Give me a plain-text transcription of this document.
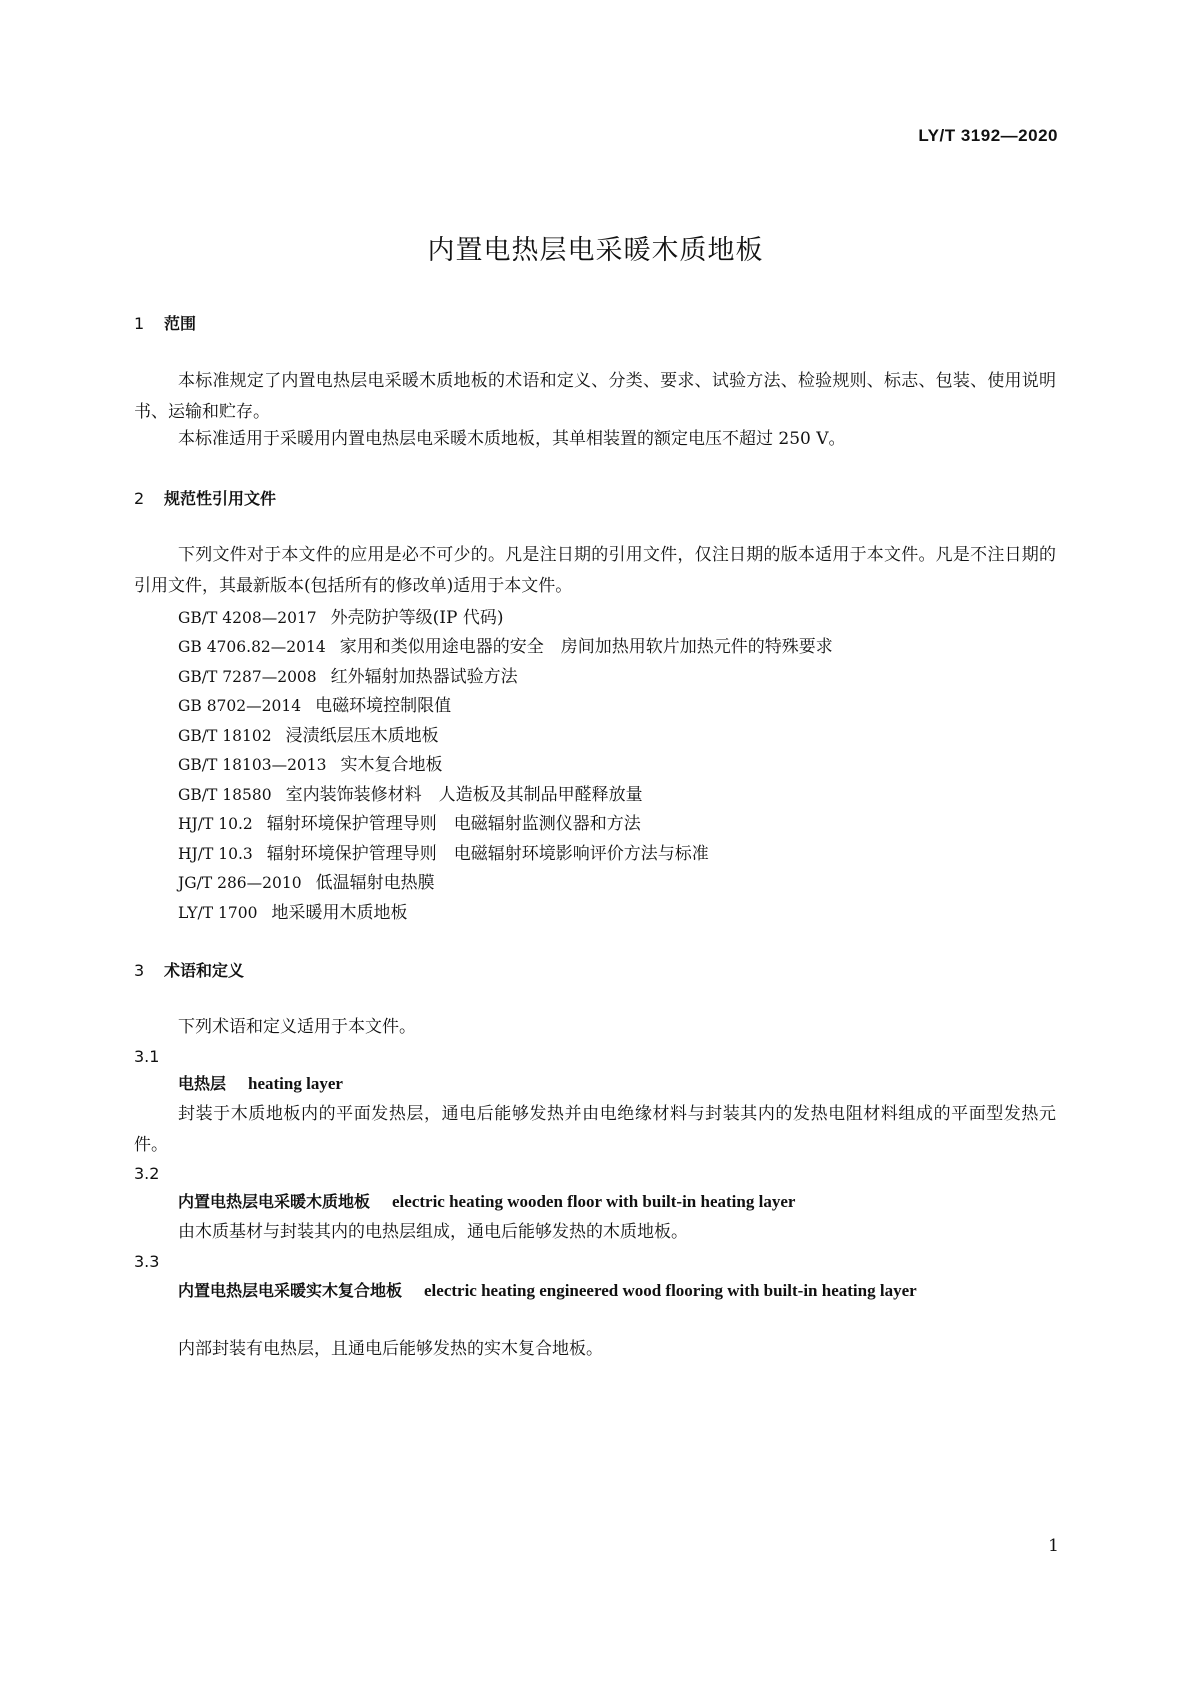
LY/T 3192—2020
内置电热层电采暖木质地板
1 范围
本标准规定了内置电热层电采暖木质地板的术语和定义、分类、要求、试验方法、检验规则、标志、包装、使用说明书、运输和贮存。
本标准适用于采暖用内置电热层电采暖木质地板，其单相装置的额定电压不超过 250 V。
2 规范性引用文件
下列文件对于本文件的应用是必不可少的。凡是注日期的引用文件，仅注日期的版本适用于本文件。凡是不注日期的引用文件，其最新版本(包括所有的修改单)适用于本文件。
GB/T 4208—2017 外壳防护等级(IP 代码)
GB 4706.82—2014 家用和类似用途电器的安全　房间加热用软片加热元件的特殊要求
GB/T 7287—2008 红外辐射加热器试验方法
GB 8702—2014 电磁环境控制限值
GB/T 18102 浸渍纸层压木质地板
GB/T 18103—2013 实木复合地板
GB/T 18580 室内装饰装修材料　人造板及其制品甲醛释放量
HJ/T 10.2 辐射环境保护管理导则　电磁辐射监测仪器和方法
HJ/T 10.3 辐射环境保护管理导则　电磁辐射环境影响评价方法与标准
JG/T 286—2010 低温辐射电热膜
LY/T 1700 地采暖用木质地板
3 术语和定义
下列术语和定义适用于本文件。
3.1
电热层 heating layer
封装于木质地板内的平面发热层，通电后能够发热并由电绝缘材料与封装其内的发热电阻材料组成的平面型发热元件。
3.2
内置电热层电采暖木质地板 electric heating wooden floor with built-in heating layer
由木质基材与封装其内的电热层组成，通电后能够发热的木质地板。
3.3
内置电热层电采暖实木复合地板 electric heating engineered wood flooring with built-in heating layer
内部封装有电热层，且通电后能够发热的实木复合地板。
1
